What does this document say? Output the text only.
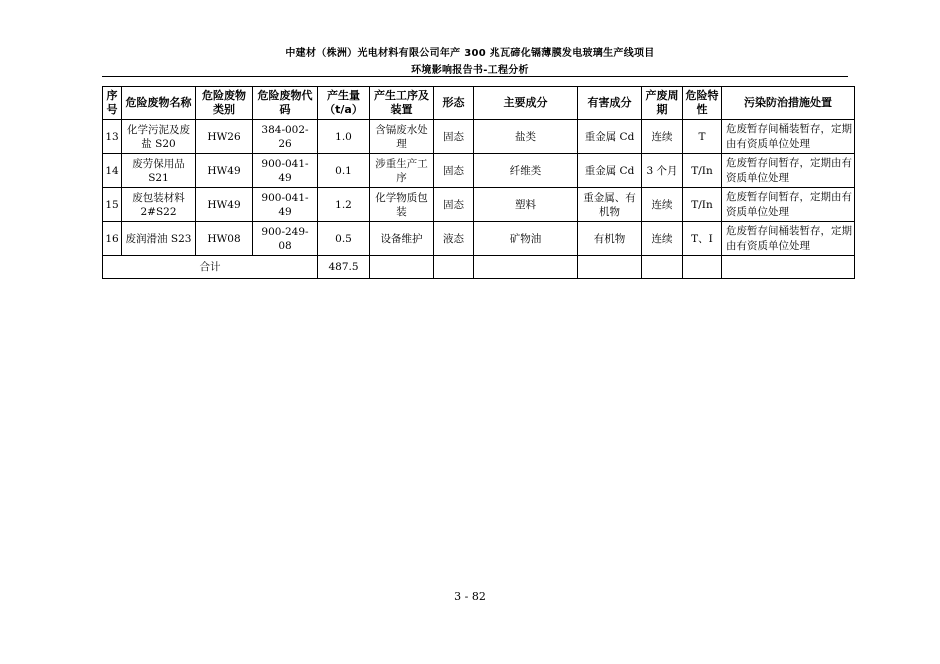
中建材（株洲）光电材料有限公司年产 300 兆瓦碲化镉薄膜发电玻璃生产线项目
环境影响报告书-工程分析
序号	危险废物名称	危险废物类别	危险废物代码	产生量（t/a）	产生工序及装置	形态	主要成分	有害成分	产废周期	危险特性	污染防治措施处置
13	化学污泥及废盐 S20	HW26	384-002-26	1.0	含镉废水处理	固态	盐类	重金属 Cd	连续	T	危废暂存间桶装暂存，定期由有资质单位处理
14	废劳保用品 S21	HW49	900-041-49	0.1	涉重生产工序	固态	纤维类	重金属 Cd	3 个月	T/In	危废暂存间暂存，定期由有资质单位处理
15	废包装材料 2#S22	HW49	900-041-49	1.2	化学物质包装	固态	塑料	重金属、有机物	连续	T/In	危废暂存间暂存，定期由有资质单位处理
16	废润滑油 S23	HW08	900-249-08	0.5	设备维护	液态	矿物油	有机物	连续	T、I	危废暂存间桶装暂存，定期由有资质单位处理
合计				487.5							
3 - 82
